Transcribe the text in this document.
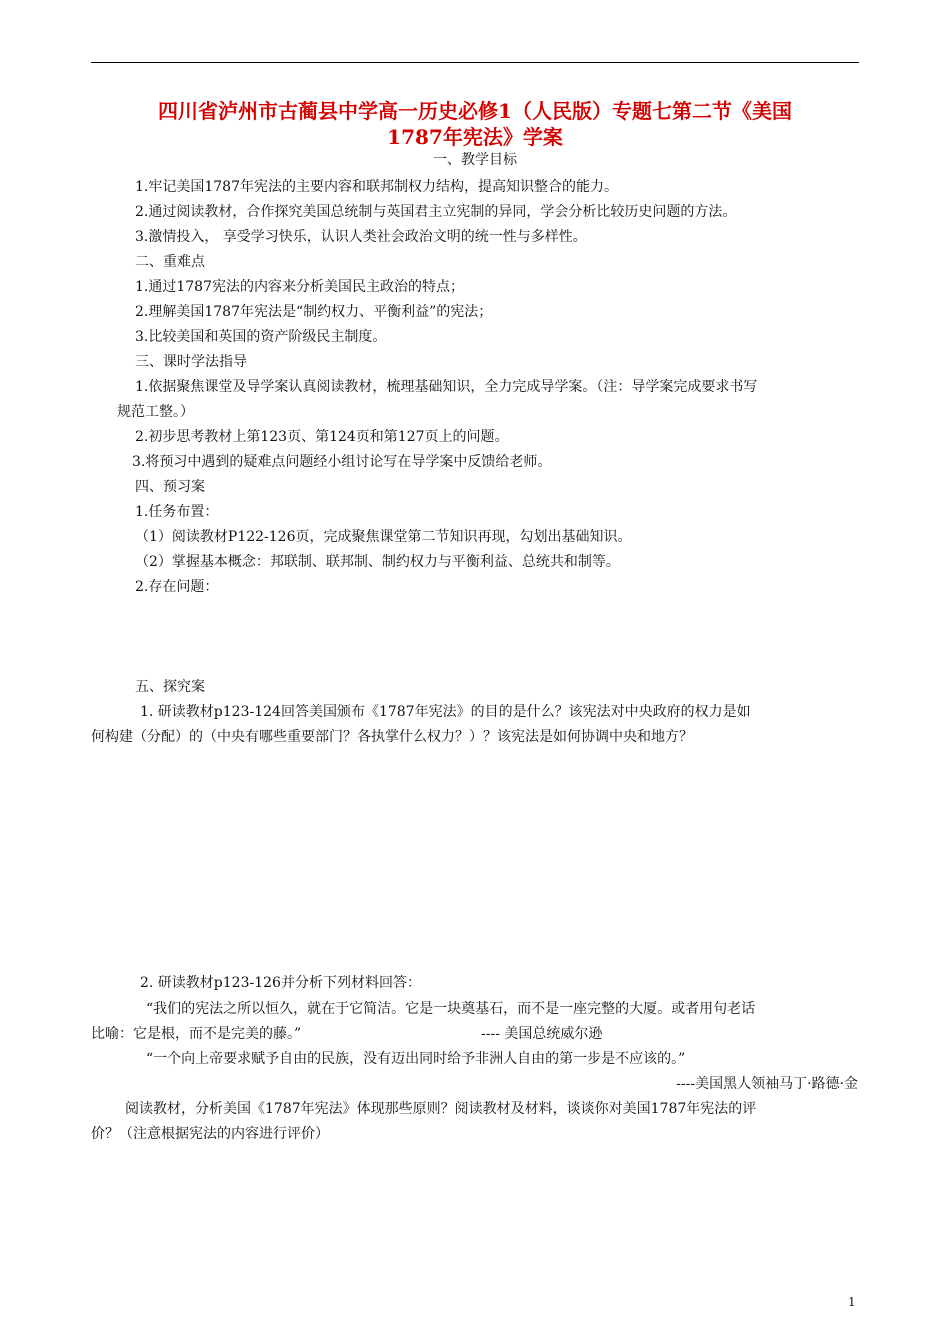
四川省泸州市古蔺县中学高一历史必修1（人民版）专题七第二节《美国
1787年宪法》学案
一、教学目标
1.牢记美国1787年宪法的主要内容和联邦制权力结构，提高知识整合的能力。
2.通过阅读教材，合作探究美国总统制与英国君主立宪制的异同，学会分析比较历史问题的方法。
3.激情投入， 享受学习快乐，认识人类社会政治文明的统一性与多样性。
二、重难点
1.通过1787宪法的内容来分析美国民主政治的特点；
2.理解美国1787年宪法是“制约权力、平衡利益”的宪法；
3.比较美国和英国的资产阶级民主制度。
三、课时学法指导
1.依据聚焦课堂及导学案认真阅读教材，梳理基础知识，全力完成导学案。（注：导学案完成要求书写
规范工整。）
2.初步思考教材上第123页、第124页和第127页上的问题。
3.将预习中遇到的疑难点问题经小组讨论写在导学案中反馈给老师。
四、预习案
1.任务布置：
（1）阅读教材P122-126页，完成聚焦课堂第二节知识再现，勾划出基础知识。
（2）掌握基本概念：邦联制、联邦制、制约权力与平衡利益、总统共和制等。
2.存在问题：
五、探究案
1. 研读教材p123-124回答美国颁布《1787年宪法》的目的是什么？该宪法对中央政府的权力是如
何构建（分配）的（中央有哪些重要部门？各执掌什么权力？）？该宪法是如何协调中央和地方？
2. 研读教材p123-126并分析下列材料回答：
“我们的宪法之所以恒久，就在于它简洁。它是一块奠基石，而不是一座完整的大厦。或者用句老话
比喻：它是根，而不是完美的藤。”	---- 美国总统威尔逊
“一个向上帝要求赋予自由的民族，没有迈出同时给予非洲人自由的第一步是不应该的。”
----美国黑人领袖马丁·路德·金
阅读教材，分析美国《1787年宪法》体现那些原则？阅读教材及材料，谈谈你对美国1787年宪法的评
价？（注意根据宪法的内容进行评价）
1
